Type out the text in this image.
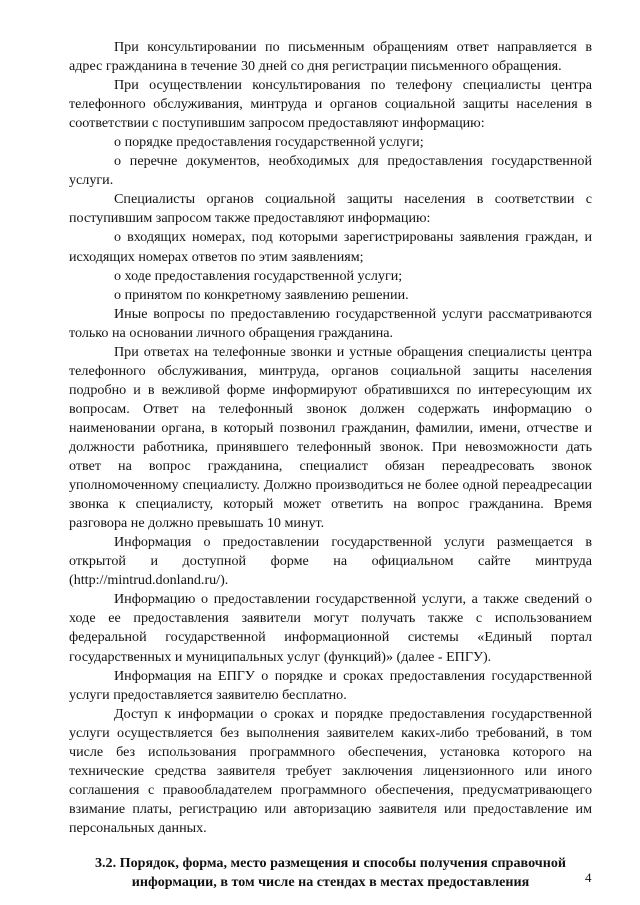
При консультировании по письменным обращениям ответ направляется в адрес гражданина в течение 30 дней со дня регистрации письменного обращения.

При осуществлении консультирования по телефону специалисты центра телефонного обслуживания, минтруда и органов социальной защиты населения в соответствии с поступившим запросом предоставляют информацию:

о порядке предоставления государственной услуги;

о перечне документов, необходимых для предоставления государственной услуги.

Специалисты органов социальной защиты населения в соответствии с поступившим запросом также предоставляют информацию:

о входящих номерах, под которыми зарегистрированы заявления граждан, и исходящих номерах ответов по этим заявлениям;

о ходе предоставления государственной услуги;

о принятом по конкретному заявлению решении.

Иные вопросы по предоставлению государственной услуги рассматриваются только на основании личного обращения гражданина.

При ответах на телефонные звонки и устные обращения специалисты центра телефонного обслуживания, минтруда, органов социальной защиты населения подробно и в вежливой форме информируют обратившихся по интересующим их вопросам. Ответ на телефонный звонок должен содержать информацию о наименовании органа, в который позвонил гражданин, фамилии, имени, отчестве и должности работника, принявшего телефонный звонок. При невозможности дать ответ на вопрос гражданина, специалист обязан переадресовать звонок уполномоченному специалисту. Должно производиться не более одной переадресации звонка к специалисту, который может ответить на вопрос гражданина. Время разговора не должно превышать 10 минут.

Информация о предоставлении государственной услуги размещается в открытой и доступной форме на официальном сайте минтруда (http://mintrud.donland.ru/).

Информацию о предоставлении государственной услуги, а также сведений о ходе ее предоставления заявители могут получать также с использованием федеральной государственной информационной системы «Единый портал государственных и муниципальных услуг (функций)» (далее - ЕПГУ).

Информация на ЕПГУ о порядке и сроках предоставления государственной услуги предоставляется заявителю бесплатно.

Доступ к информации о сроках и порядке предоставления государственной услуги осуществляется без выполнения заявителем каких-либо требований, в том числе без использования программного обеспечения, установка которого на технические средства заявителя требует заключения лицензионного или иного соглашения с правообладателем программного обеспечения, предусматривающего взимание платы, регистрацию или авторизацию заявителя или предоставление им персональных данных.

3.2. Порядок, форма, место размещения и способы получения справочной информации, в том числе на стендах в местах предоставления	4
